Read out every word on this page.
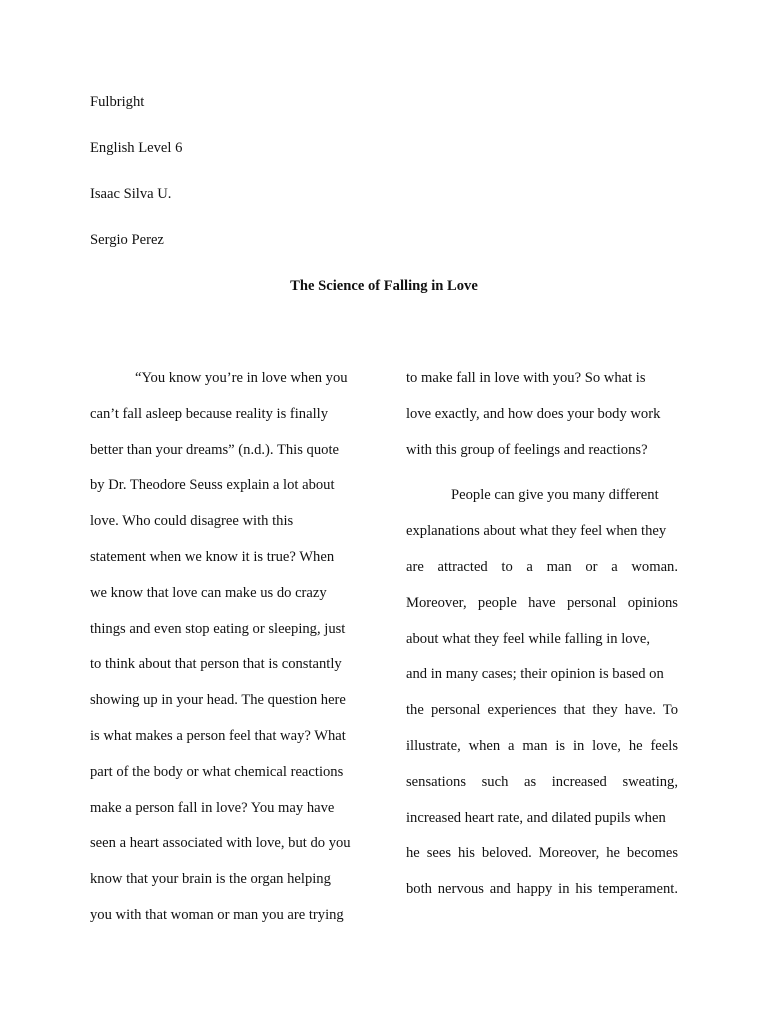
Fulbright

English Level 6

Isaac Silva U.

Sergio Perez

The Science of Falling in Love
“You know you’re in love when you
can’t fall asleep because reality is finally
better than your dreams” (n.d.). This quote
by Dr. Theodore Seuss explain a lot about
love. Who could disagree with this
statement when we know it is true? When
we know that love can make us do crazy
things and even stop eating or sleeping, just
to think about that person that is constantly
showing up in your head. The question here
is what makes a person feel that way? What
part of the body or what chemical reactions
make a person fall in love? You may have
seen a heart associated with love, but do you
know that your brain is the organ helping
you with that woman or man you are trying
to make fall in love with you? So what is
love exactly, and how does your body work
with this group of feelings and reactions?
People can give you many different
explanations about what they feel when they
are attracted to a man or a woman.
Moreover, people have personal opinions
about what they feel while falling in love,
and in many cases; their opinion is based on
the personal experiences that they have. To
illustrate, when a man is in love, he feels
sensations such as increased sweating,
increased heart rate, and dilated pupils when
he sees his beloved. Moreover, he becomes
both nervous and happy in his temperament.
